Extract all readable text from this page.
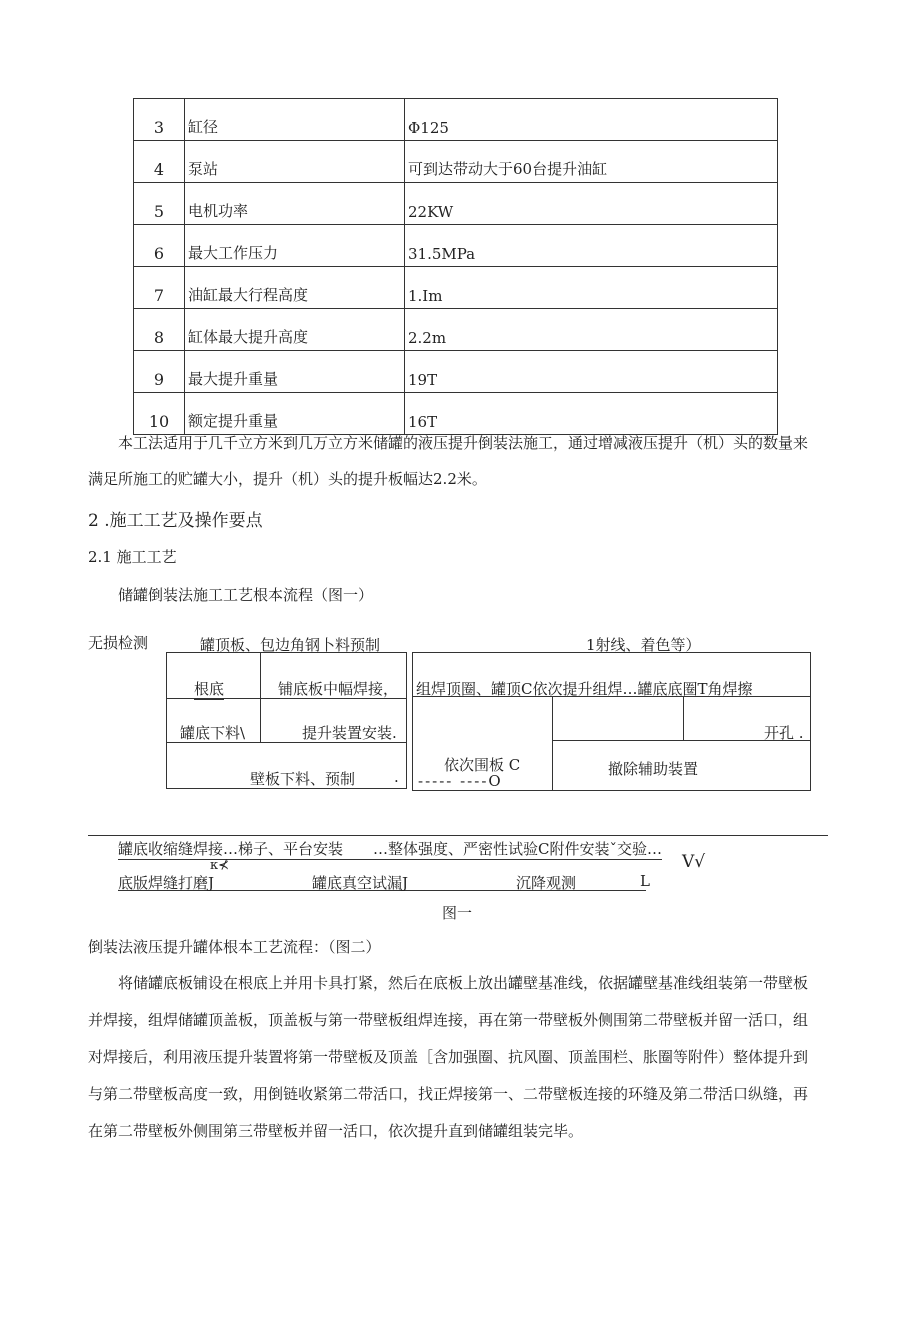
3	缸径	Φ125
4	泵站	可到达带动大于60台提升油缸
5	电机功率	22KW
6	最大工作压力	31.5MPa
7	油缸最大行程高度	1.Im
8	缸体最大提升高度	2.2m
9	最大提升重量	19T
10	额定提升重量	16T
本工法适用于几千立方米到几万立方米储罐的液压提升倒装法施工，通过增减液压提升（机）头的数量来
满足所施工的贮罐大小，提升（机）头的提升板幅达2.2米。
2 .施工工艺及操作要点
2.1 施工工艺
储罐倒装法施工工艺根本流程（图一）
无损检测	罐顶板、包边角钢卜料预制	1射线、着色等）
根底	铺底板中幅焊接，
罐底下料\	提升装置安装.
壁板下料、预制	.
组焊顶圈、罐顶C依次提升组焊…罐底底圈T角焊擦
开孔 .
依次围板 C
----- ----O
撤除辅助装置
罐底收缩缝焊接…梯子、平台安装　　…整体强度、严密性试验C附件安装ˇ交验…
κ⊀	V√
底版焊缝打磨J	罐底真空试漏J	沉降观测	L
图一
倒装法液压提升罐体根本工艺流程：（图二）

将储罐底板铺设在根底上并用卡具打紧，然后在底板上放出罐壁基准线，依据罐壁基准线组装第一带壁板

并焊接，组焊储罐顶盖板，顶盖板与第一带壁板组焊连接，再在第一带壁板外侧围第二带壁板并留一活口，组

对焊接后，利用液压提升装置将第一带壁板及顶盖［含加强圈、抗风圈、顶盖围栏、胀圈等附件）整体提升到

与第二带壁板高度一致，用倒链收紧第二带活口，找正焊接第一、二带壁板连接的环缝及第二带活口纵缝，再

在第二带壁板外侧围第三带壁板并留一活口，依次提升直到储罐组装完毕。
